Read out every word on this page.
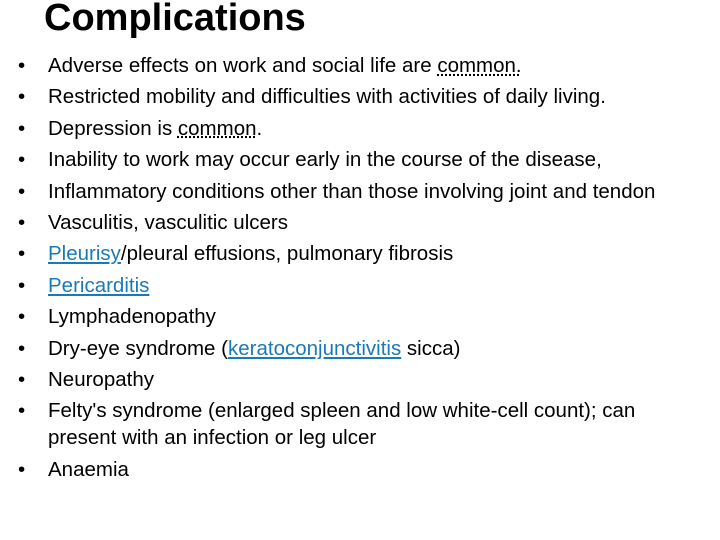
Complications
• Adverse effects on work and social life are common.
• Restricted mobility and difficulties with activities of daily living.
• Depression is common.
• Inability to work may occur early in the course of the disease,
• Inflammatory conditions other than those involving joint and tendon
• Vasculitis, vasculitic ulcers
• Pleurisy/pleural effusions, pulmonary fibrosis
• Pericarditis
• Lymphadenopathy
• Dry-eye syndrome (keratoconjunctivitis sicca)
• Neuropathy
• Felty's syndrome (enlarged spleen and low white-cell count); can present with an infection or leg ulcer
• Anaemia
